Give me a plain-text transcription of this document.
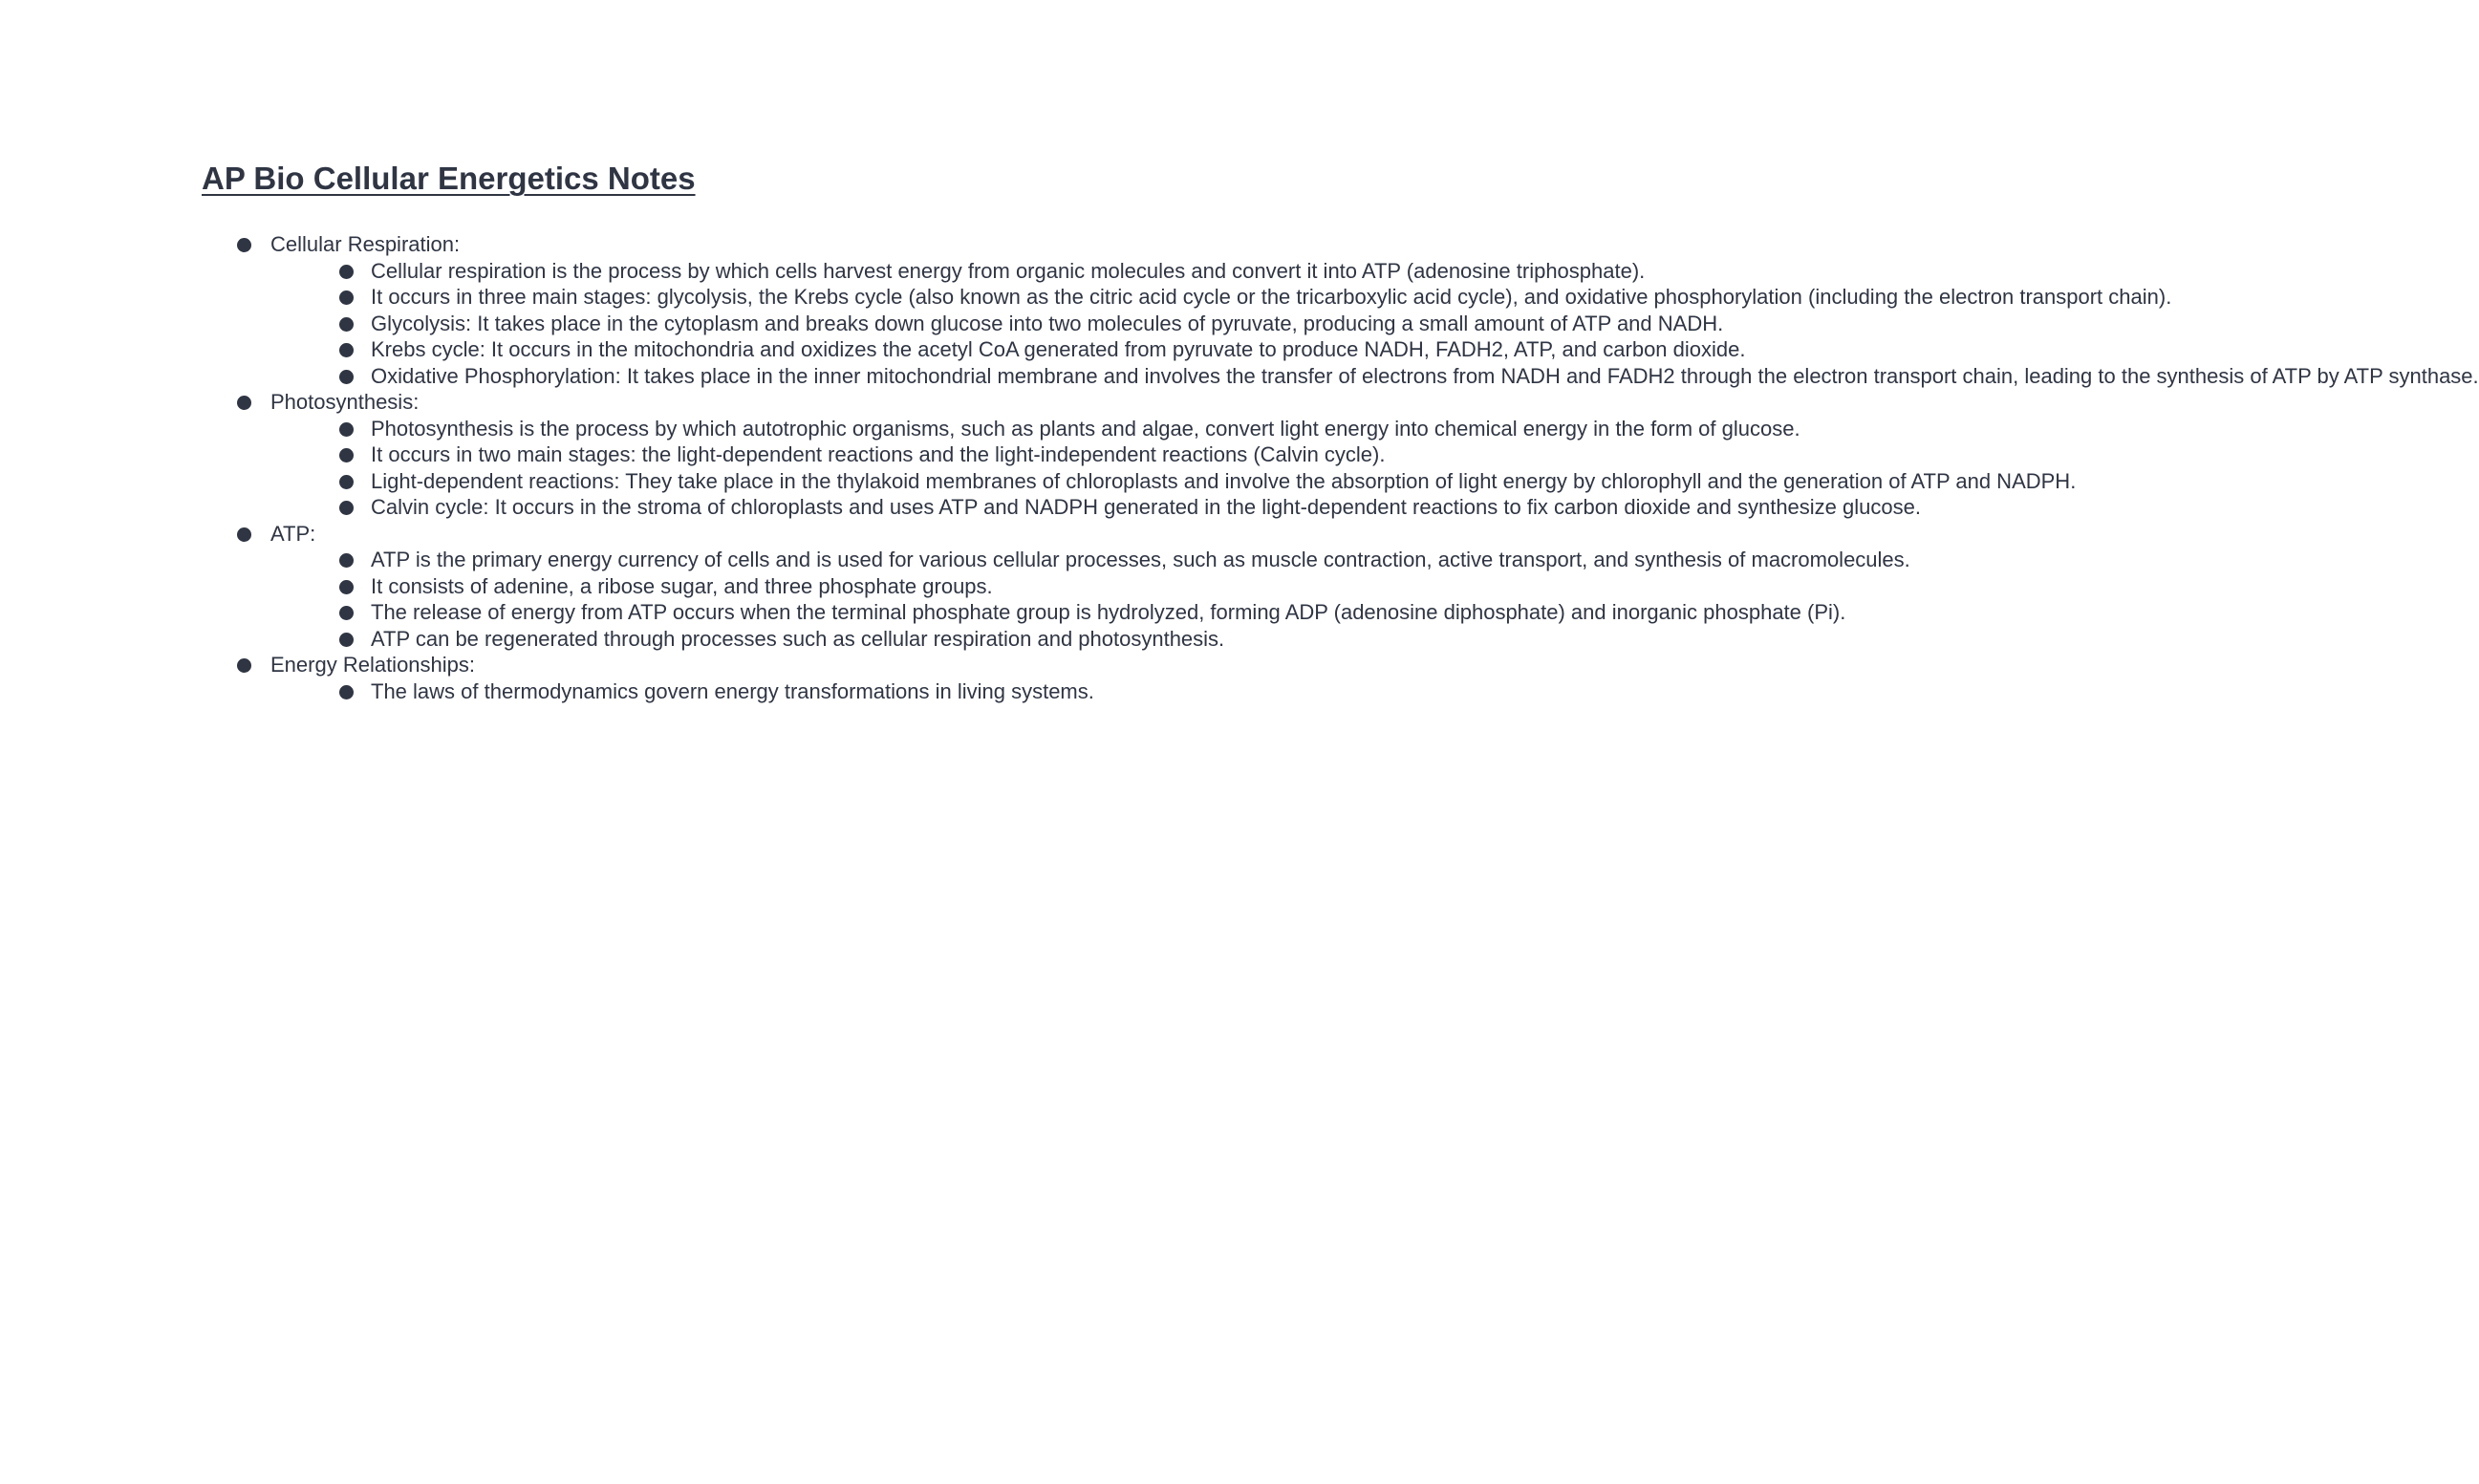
AP Bio Cellular Energetics Notes
Cellular Respiration:
Cellular respiration is the process by which cells harvest energy from organic molecules and convert it into ATP (adenosine triphosphate).
It occurs in three main stages: glycolysis, the Krebs cycle (also known as the citric acid cycle or the tricarboxylic acid cycle), and oxidative phosphorylation (including the electron transport chain).
Glycolysis: It takes place in the cytoplasm and breaks down glucose into two molecules of pyruvate, producing a small amount of ATP and NADH.
Krebs cycle: It occurs in the mitochondria and oxidizes the acetyl CoA generated from pyruvate to produce NADH, FADH2, ATP, and carbon dioxide.
Oxidative Phosphorylation: It takes place in the inner mitochondrial membrane and involves the transfer of electrons from NADH and FADH2 through the electron transport chain, leading to the synthesis of ATP by ATP synthase.
Photosynthesis:
Photosynthesis is the process by which autotrophic organisms, such as plants and algae, convert light energy into chemical energy in the form of glucose.
It occurs in two main stages: the light-dependent reactions and the light-independent reactions (Calvin cycle).
Light-dependent reactions: They take place in the thylakoid membranes of chloroplasts and involve the absorption of light energy by chlorophyll and the generation of ATP and NADPH.
Calvin cycle: It occurs in the stroma of chloroplasts and uses ATP and NADPH generated in the light-dependent reactions to fix carbon dioxide and synthesize glucose.
ATP:
ATP is the primary energy currency of cells and is used for various cellular processes, such as muscle contraction, active transport, and synthesis of macromolecules.
It consists of adenine, a ribose sugar, and three phosphate groups.
The release of energy from ATP occurs when the terminal phosphate group is hydrolyzed, forming ADP (adenosine diphosphate) and inorganic phosphate (Pi).
ATP can be regenerated through processes such as cellular respiration and photosynthesis.
Energy Relationships:
The laws of thermodynamics govern energy transformations in living systems.
